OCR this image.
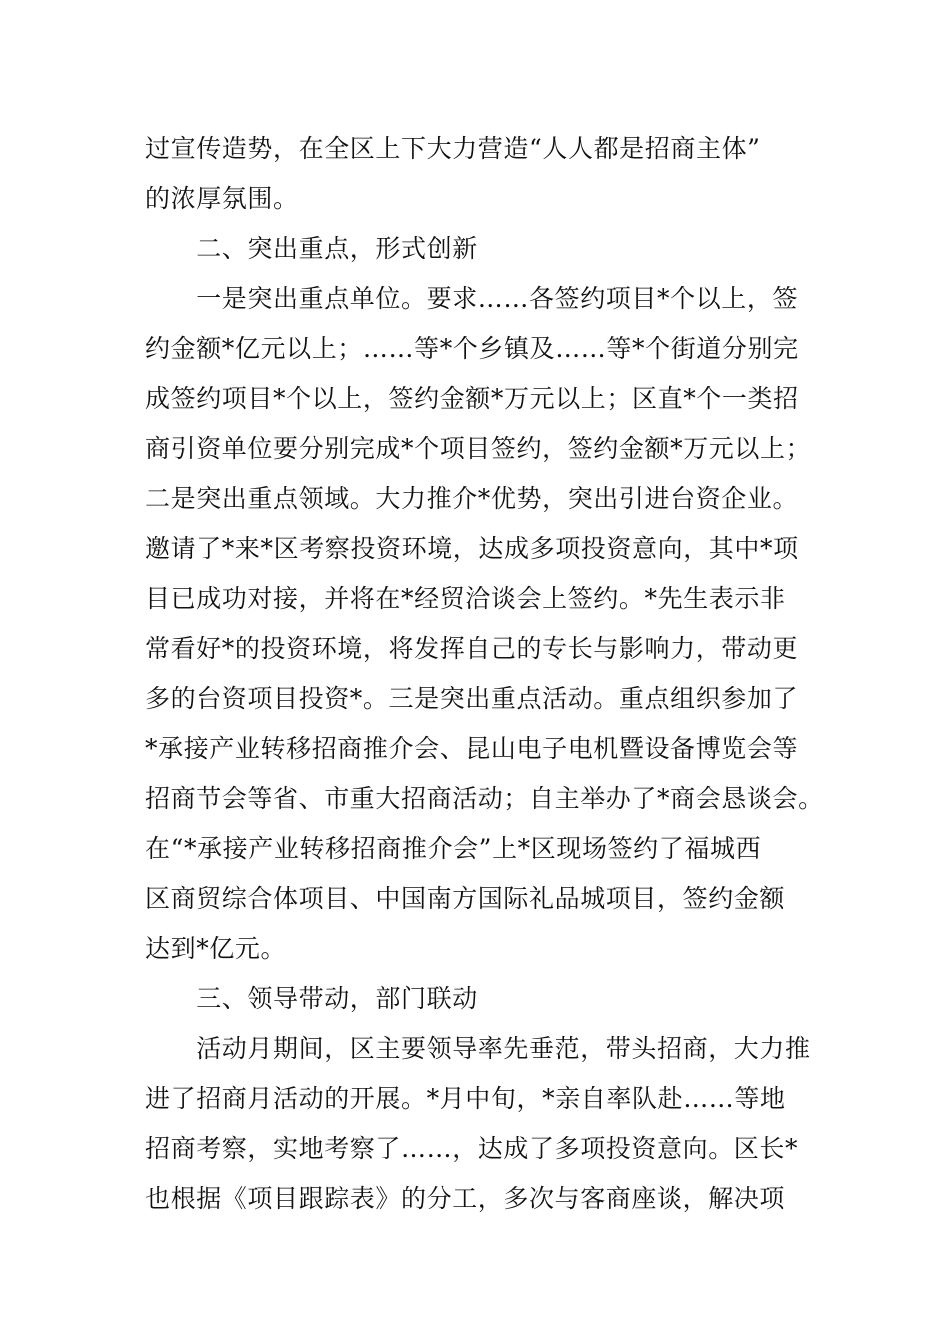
过宣传造势，在全区上下大力营造“人人都是招商主体”
的浓厚氛围。
　　二、突出重点，形式创新
　　一是突出重点单位。要求……各签约项目*个以上，签
约金额*亿元以上；……等*个乡镇及……等*个街道分别完
成签约项目*个以上，签约金额*万元以上；区直*个一类招
商引资单位要分别完成*个项目签约，签约金额*万元以上；
二是突出重点领域。大力推介*优势，突出引进台资企业。
邀请了*来*区考察投资环境，达成多项投资意向，其中*项
目已成功对接，并将在*经贸洽谈会上签约。*先生表示非
常看好*的投资环境，将发挥自己的专长与影响力，带动更
多的台资项目投资*。三是突出重点活动。重点组织参加了
*承接产业转移招商推介会、昆山电子电机暨设备博览会等
招商节会等省、市重大招商活动；自主举办了*商会恳谈会。
在“*承接产业转移招商推介会”上*区现场签约了福城西
区商贸综合体项目、中国南方国际礼品城项目，签约金额
达到*亿元。
　　三、领导带动，部门联动
　　活动月期间，区主要领导率先垂范，带头招商，大力推
进了招商月活动的开展。*月中旬，*亲自率队赴……等地
招商考察，实地考察了……，达成了多项投资意向。区长*
也根据《项目跟踪表》的分工，多次与客商座谈，解决项
